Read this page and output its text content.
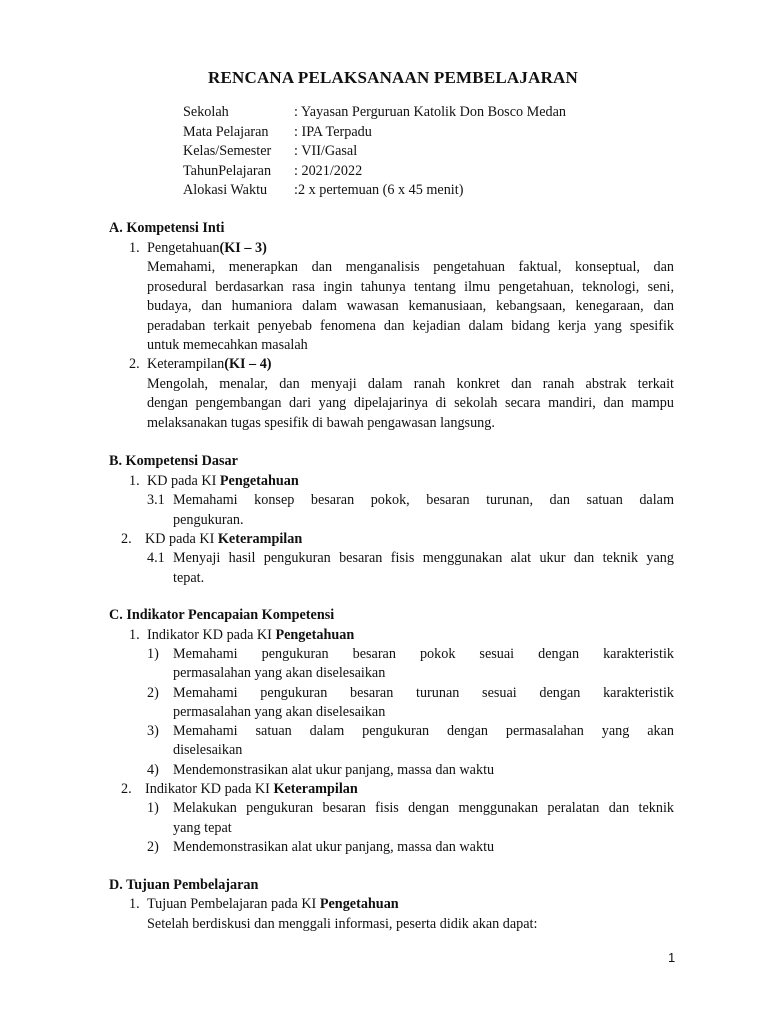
RENCANA PELAKSANAAN PEMBELAJARAN
Sekolah	: Yayasan Perguruan Katolik Don Bosco Medan
Mata Pelajaran	: IPA Terpadu
Kelas/Semester	: VII/Gasal
TahunPelajaran	: 2021/2022
Alokasi Waktu	:2 x pertemuan (6 x 45 menit)
A. Kompetensi Inti
1. Pengetahuan(KI – 3)
Memahami, menerapkan dan menganalisis pengetahuan faktual, konseptual, dan
prosedural berdasarkan rasa ingin tahunya tentang ilmu pengetahuan, teknologi, seni,
budaya, dan humaniora dalam wawasan kemanusiaan, kebangsaan, kenegaraan, dan
peradaban terkait penyebab fenomena dan kejadian dalam bidang kerja yang spesifik
untuk memecahkan masalah
2. Keterampilan(KI – 4)
Mengolah, menalar, dan menyaji dalam ranah konkret dan ranah abstrak terkait
dengan pengembangan dari yang dipelajarinya di sekolah secara mandiri, dan mampu
melaksanakan tugas spesifik di bawah pengawasan langsung.
B. Kompetensi Dasar
1. KD pada KI Pengetahuan
3.1 Memahami konsep besaran pokok, besaran turunan, dan satuan dalam
pengukuran.
2. KD pada KI Keterampilan
4.1 Menyaji hasil pengukuran besaran fisis menggunakan alat ukur dan teknik yang
tepat.
C. Indikator Pencapaian Kompetensi
1. Indikator KD pada KI Pengetahuan
1) Memahami pengukuran besaran pokok sesuai dengan karakteristik
permasalahan yang akan diselesaikan
2) Memahami pengukuran besaran turunan sesuai dengan karakteristik
permasalahan yang akan diselesaikan
3) Memahami satuan dalam pengukuran dengan permasalahan yang akan
diselesaikan
4) Mendemonstrasikan alat ukur panjang, massa dan waktu
2. Indikator KD pada KI Keterampilan
1) Melakukan pengukuran besaran fisis dengan menggunakan peralatan dan teknik
yang tepat
2) Mendemonstrasikan alat ukur panjang, massa dan waktu
D. Tujuan Pembelajaran
1. Tujuan Pembelajaran pada KI Pengetahuan
Setelah berdiskusi dan menggali informasi, peserta didik akan dapat:
1
